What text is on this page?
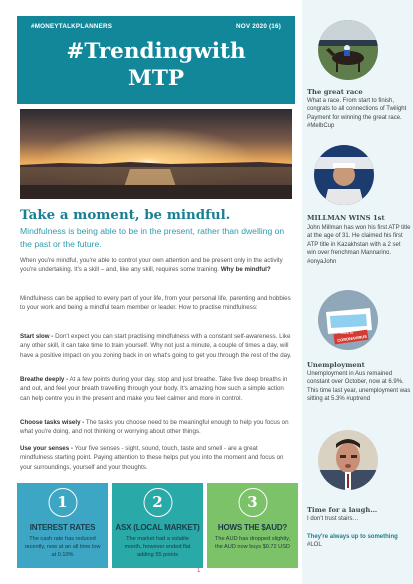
#MONEYTALKPLANNERS	NOV 2020 (16)
#Trendingwith
MTP
Take a moment, be mindful.
Mindfulness is being able to be in the present, rather than dwelling on the past or the future.
When you're mindful, you're able to control your own attention and be present only in the activity you're undertaking. It's a skill – and, like any skill, requires some training. Why be mindful?
Mindfulness can be applied to every part of your life, from your personal life, parenting and hobbies to your work and being a mindful team member or leader. How to practise mindfulness:
Start slow - Don't expect you can start practising mindfulness with a constant self-awareness. Like any other skill, it can take time to train yourself. Why not just a minute, a couple of times a day, will have a positive impact on you zoning back in on what's going to get you through the rest of the day.
Breathe deeply - At a few points during your day, stop and just breathe. Take five deep breaths in and out, and feel your breath travelling through your body. It's amazing how such a simple action can help centre you in the present and make you feel calmer and more in control.
Choose tasks wisely - The tasks you choose need to be meaningful enough to help you focus on what you're doing, and not thinking or worrying about other things.
Use your senses - Your five senses - sight, sound, touch, taste and smell - are a great mindfulness starting point. Paying attention to these helps put you into the moment and focus on your surroundings, yourself and your thoughts.
1
INTEREST RATES
The cash rate has reduced recently, now at an all time low at 0.10%
2
ASX (LOCAL MARKET)
The market had a volatile month, however ended flat adding 55 points
3
HOWS THE $AUD?
The AUD has dropped slightly, the AUD now buys $0.72 USD
1
The great race
What a race. From start to finish, congrats to all connections of Twilight Payment for winning the great race. #MelbCup
MILLMAN WINS 1st
John Millman has won his first ATP title at the age of 31. He claimed his first ATP title in Kazakhstan with a 2 set win over frenchman Mannarino. #onyaJohn
Back to
CORONAVIRUS
Unemployment
Unemployment in Aus remained constant over October, now at 6.9%. This time last year, unemployment was sitting at 5.3% #uptrend
Time for a laugh…
I don't trust stairs…
They're always up to something #LOL
